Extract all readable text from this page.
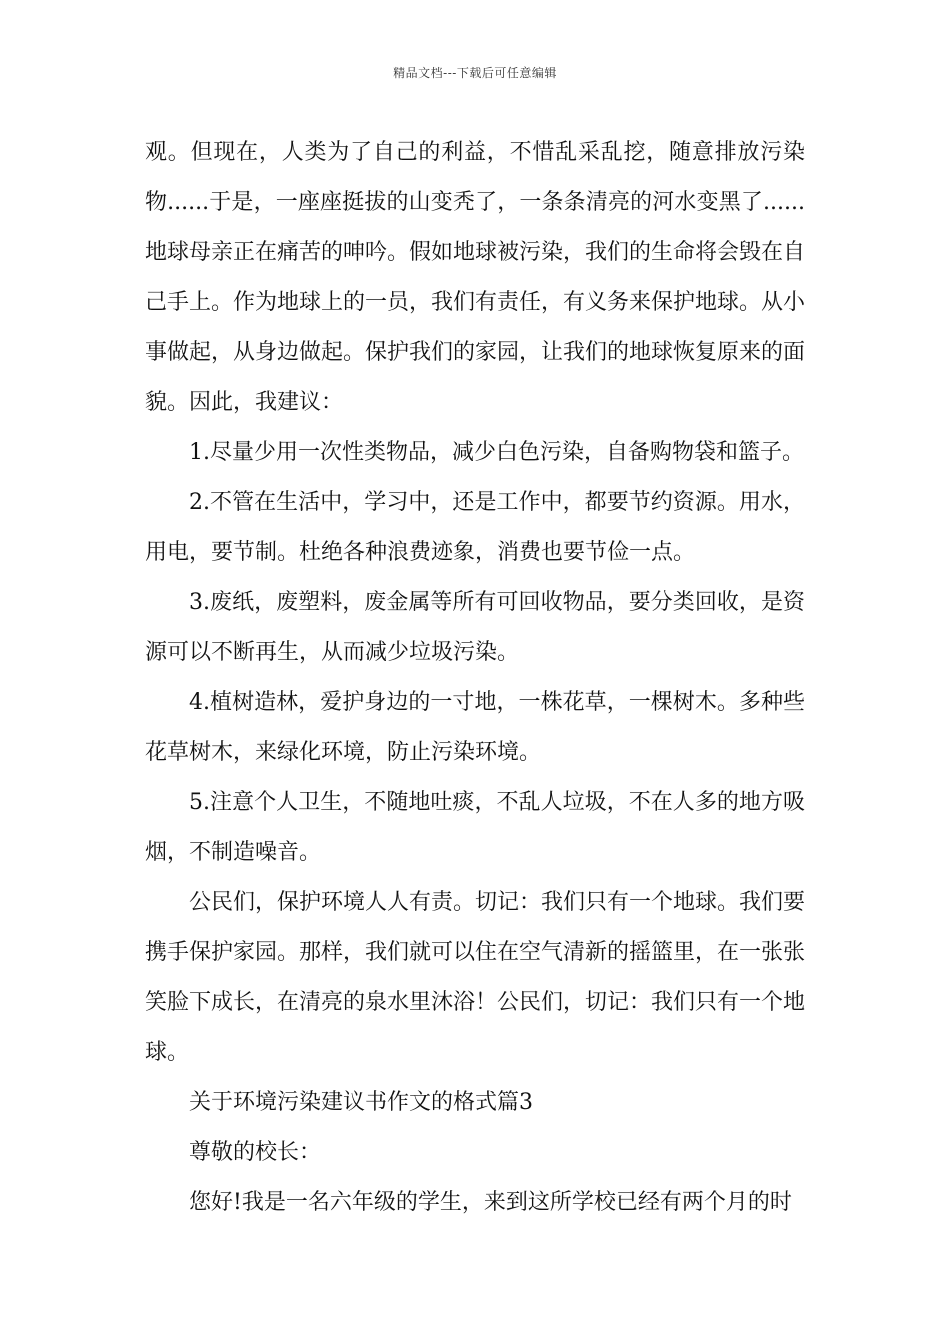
精品文档---下载后可任意编辑

观。但现在，人类为了自己的利益，不惜乱采乱挖，随意排放污染物......于是，一座座挺拔的山变秃了，一条条清亮的河水变黑了......地球母亲正在痛苦的呻吟。假如地球被污染，我们的生命将会毁在自己手上。作为地球上的一员，我们有责任，有义务来保护地球。从小事做起，从身边做起。保护我们的家园，让我们的地球恢复原来的面貌。因此，我建议：

1.尽量少用一次性类物品，减少白色污染，自备购物袋和篮子。

2.不管在生活中，学习中，还是工作中，都要节约资源。用水，用电，要节制。杜绝各种浪费迹象，消费也要节俭一点。

3.废纸，废塑料，废金属等所有可回收物品，要分类回收，是资源可以不断再生，从而减少垃圾污染。

4.植树造林，爱护身边的一寸地，一株花草，一棵树木。多种些花草树木，来绿化环境，防止污染环境。

5.注意个人卫生，不随地吐痰，不乱人垃圾，不在人多的地方吸烟，不制造噪音。

公民们，保护环境人人有责。切记：我们只有一个地球。我们要携手保护家园。那样，我们就可以住在空气清新的摇篮里，在一张张笑脸下成长，在清亮的泉水里沐浴！公民们，切记：我们只有一个地球。

关于环境污染建议书作文的格式篇3

尊敬的校长：

您好!我是一名六年级的学生，来到这所学校已经有两个月的时
